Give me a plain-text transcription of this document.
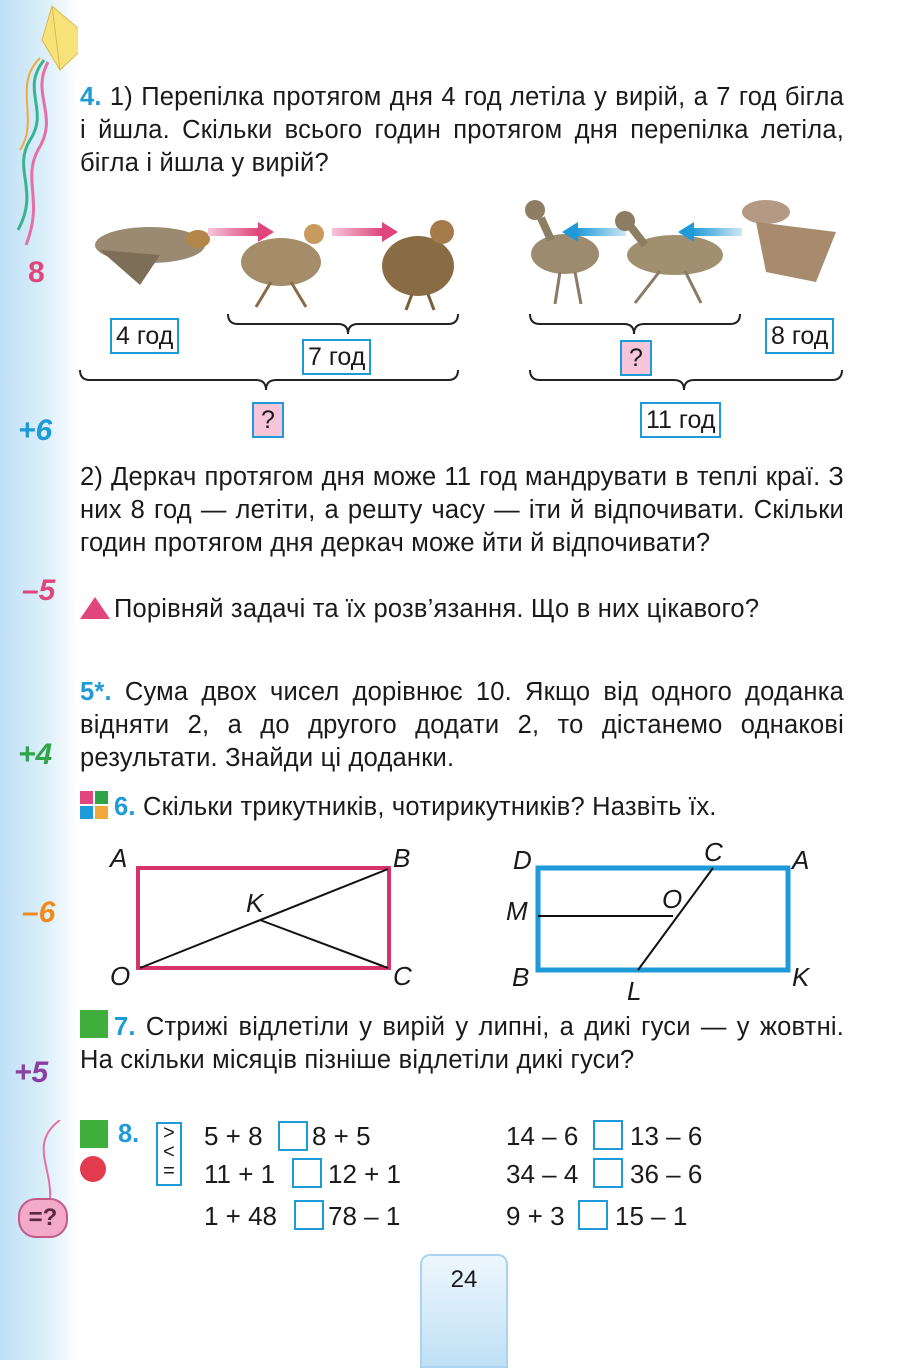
8
+6
–5
+4
–6
+5
=?
4. 1) Перепілка протягом дня 4 год летіла у вирій, а 7 год бігла і йшла. Скільки всього годин протягом дня перепілка летіла, бігла і йшла у вирій?
4 год
7 год
?
?
8 год
11 год
2) Деркач протягом дня може 11 год мандрувати в теплі краї. З них 8 год — летіти, а решту часу — іти й відпочивати. Скільки годин протягом дня деркач може йти й відпочивати?
Порівняй задачі та їх розв’язання. Що в них цікавого?
5*. Сума двох чисел дорівнює 10. Якщо від одного доданка відняти 2, а до другого додати 2, то дістанемо однакові результати. Знайди ці доданки.
6. Скільки трикутників, чотирикутників? Назвіть їх.
A	B
K
O	C
D	C	A
M	O
B	L	K
7. Стрижі відлетіли у вирій у липні, а дикі гуси — у жовтні. На скільки місяців пізніше відлетіли дикі гуси?
8. >
<
=
5 + 8 8 + 5
11 + 1 12 + 1
1 + 48 78 – 1
14 – 6 13 – 6
34 – 4 36 – 6
9 + 3 15 – 1
24
